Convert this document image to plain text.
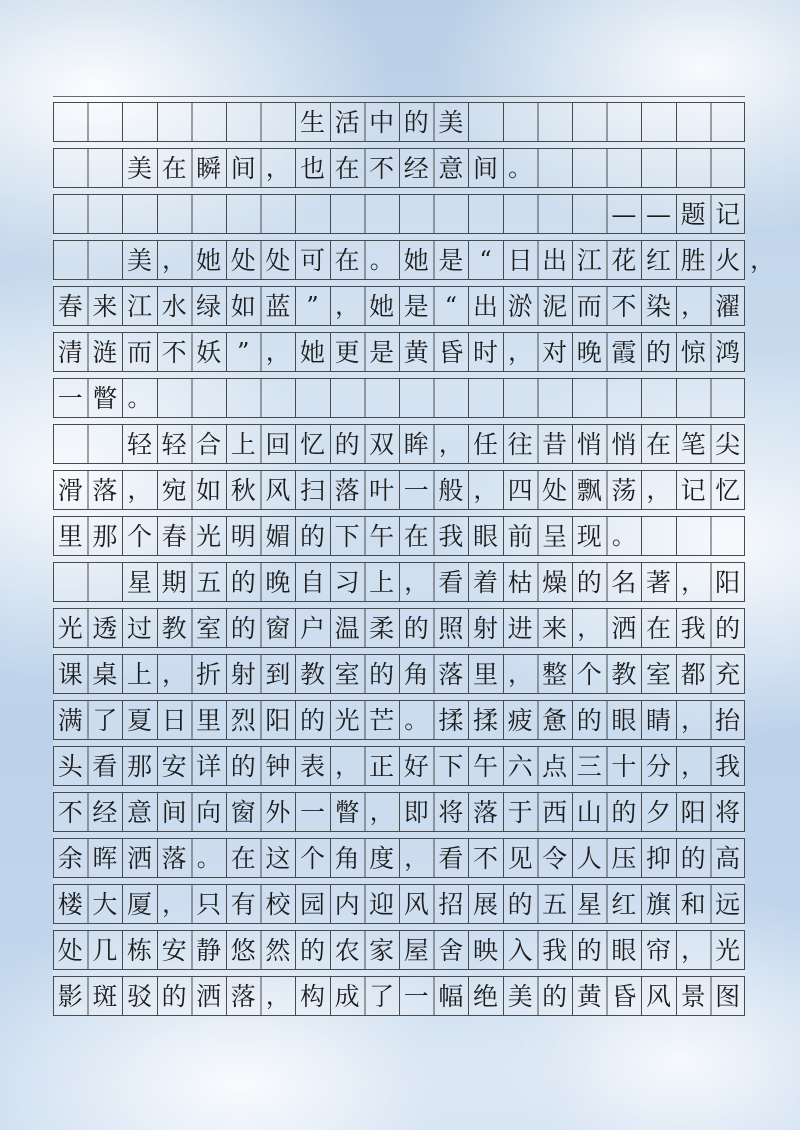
生 活 中 的 美
美 在 瞬 间 ， 也 在 不 经 意 间 。
— — 题 记
美 ， 她 处 处 可 在 。 她 是 “ 日 出 江 花 红 胜 火 ，
春 来 江 水 绿 如 蓝 ” ， 她 是 “ 出 淤 泥 而 不 染 ， 濯
清 涟 而 不 妖 ” ， 她 更 是 黄 昏 时 ， 对 晚 霞 的 惊 鸿
一 瞥 。
轻 轻 合 上 回 忆 的 双 眸 ， 任 往 昔 悄 悄 在 笔 尖
滑 落 ， 宛 如 秋 风 扫 落 叶 一 般 ， 四 处 飘 荡 ， 记 忆
里 那 个 春 光 明 媚 的 下 午 在 我 眼 前 呈 现 。
星 期 五 的 晚 自 习 上 ， 看 着 枯 燥 的 名 著 ， 阳
光 透 过 教 室 的 窗 户 温 柔 的 照 射 进 来 ， 洒 在 我 的
课 桌 上 ， 折 射 到 教 室 的 角 落 里 ， 整 个 教 室 都 充
满 了 夏 日 里 烈 阳 的 光 芒 。 揉 揉 疲 惫 的 眼 睛 ， 抬
头 看 那 安 详 的 钟 表 ， 正 好 下 午 六 点 三 十 分 ， 我
不 经 意 间 向 窗 外 一 瞥 ， 即 将 落 于 西 山 的 夕 阳 将
余 晖 洒 落 。 在 这 个 角 度 ， 看 不 见 令 人 压 抑 的 高
楼 大 厦 ， 只 有 校 园 内 迎 风 招 展 的 五 星 红 旗 和 远
处 几 栋 安 静 悠 然 的 农 家 屋 舍 映 入 我 的 眼 帘 ， 光
影 斑 驳 的 洒 落 ， 构 成 了 一 幅 绝 美 的 黄 昏 风 景 图
